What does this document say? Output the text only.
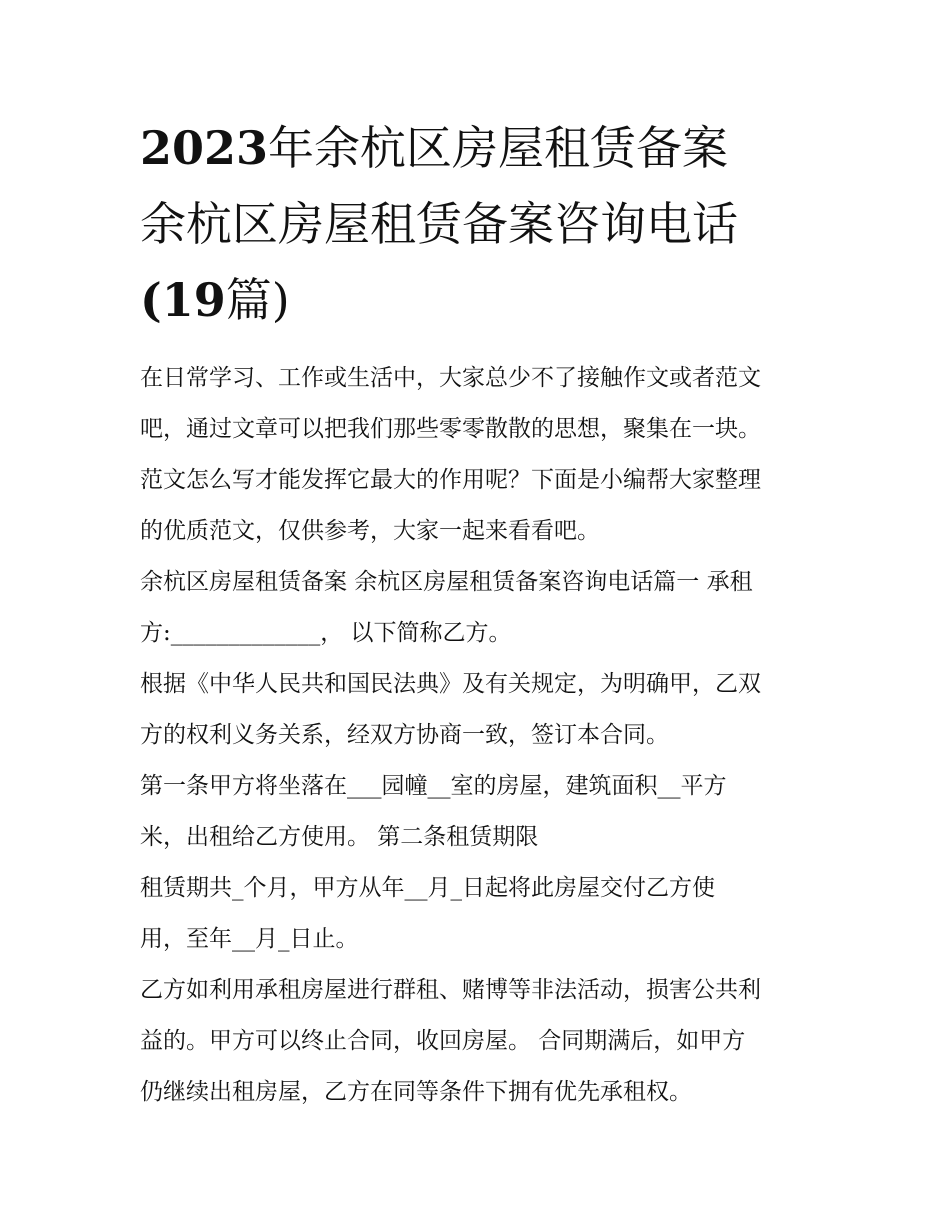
2023年余杭区房屋租赁备案
余杭区房屋租赁备案咨询电话
(19篇)
在日常学习、工作或生活中，大家总少不了接触作文或者范文
吧，通过文章可以把我们那些零零散散的思想，聚集在一块。
范文怎么写才能发挥它最大的作用呢？下面是小编帮大家整理
的优质范文，仅供参考，大家一起来看看吧。
余杭区房屋租赁备案 余杭区房屋租赁备案咨询电话篇一 承租
方:_____________， 以下简称乙方。
根据《中华人民共和国民法典》及有关规定，为明确甲，乙双
方的权利义务关系，经双方协商一致，签订本合同。
第一条甲方将坐落在___园幢__室的房屋，建筑面积__平方
米，出租给乙方使用。 第二条租赁期限
租赁期共_个月，甲方从年__月_日起将此房屋交付乙方使
用，至年__月_日止。
乙方如利用承租房屋进行群租、赌博等非法活动，损害公共利
益的。甲方可以终止合同，收回房屋。 合同期满后，如甲方
仍继续出租房屋，乙方在同等条件下拥有优先承租权。
